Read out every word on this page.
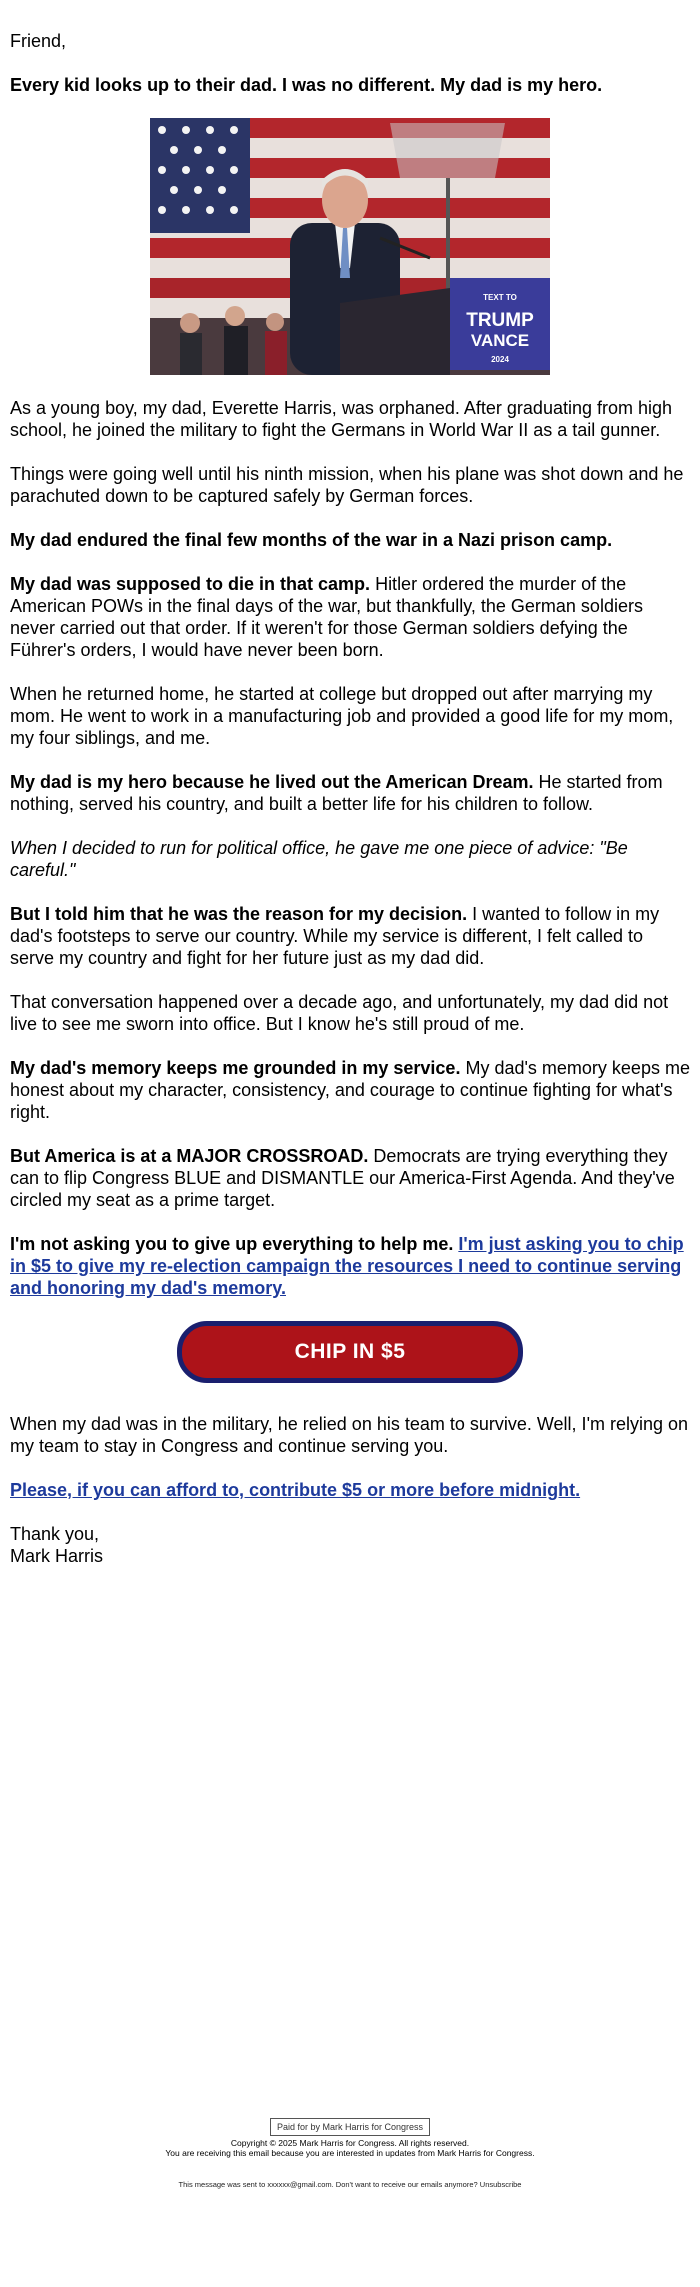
Friend,

Every kid looks up to their dad. I was no different. My dad is my hero.

TEXT TO
TRUMP
VANCE
2024

As a young boy, my dad, Everette Harris, was orphaned. After graduating from high school, he joined the military to fight the Germans in World War II as a tail gunner.

Things were going well until his ninth mission, when his plane was shot down and he parachuted down to be captured safely by German forces.

My dad endured the final few months of the war in a Nazi prison camp.

My dad was supposed to die in that camp. Hitler ordered the murder of the American POWs in the final days of the war, but thankfully, the German soldiers never carried out that order. If it weren't for those German soldiers defying the Führer's orders, I would have never been born.

When he returned home, he started at college but dropped out after marrying my mom. He went to work in a manufacturing job and provided a good life for my mom, my four siblings, and me.

My dad is my hero because he lived out the American Dream. He started from nothing, served his country, and built a better life for his children to follow.

When I decided to run for political office, he gave me one piece of advice: "Be careful."

But I told him that he was the reason for my decision. I wanted to follow in my dad's footsteps to serve our country. While my service is different, I felt called to serve my country and fight for her future just as my dad did.

That conversation happened over a decade ago, and unfortunately, my dad did not live to see me sworn into office. But I know he's still proud of me.

My dad's memory keeps me grounded in my service. My dad's memory keeps me honest about my character, consistency, and courage to continue fighting for what's right.

But America is at a MAJOR CROSSROAD. Democrats are trying everything they can to flip Congress BLUE and DISMANTLE our America-First Agenda. And they've circled my seat as a prime target.

I'm not asking you to give up everything to help me. I'm just asking you to chip in $5 to give my re-election campaign the resources I need to continue serving and honoring my dad's memory.

CHIP IN $5

When my dad was in the military, he relied on his team to survive. Well, I'm relying on my team to stay in Congress and continue serving you.

Please, if you can afford to, contribute $5 or more before midnight.

Thank you,
Mark Harris

Paid for by Mark Harris for Congress
Copyright © 2025 Mark Harris for Congress. All rights reserved.
You are receiving this email because you are interested in updates from Mark Harris for Congress.
This message was sent to xxxxxx@gmail.com. Don't want to receive our emails anymore? Unsubscribe
